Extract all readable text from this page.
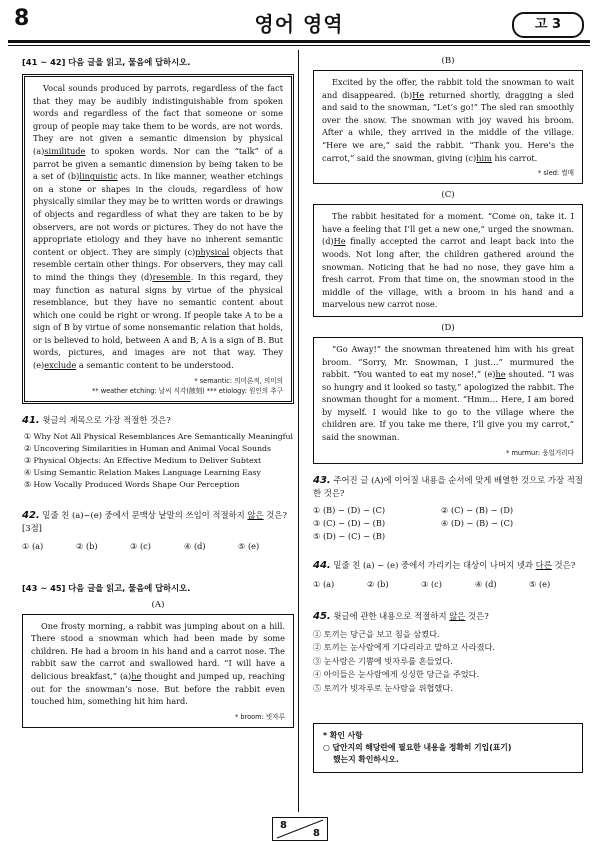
8	영어 영역	고 3
[41 ~ 42] 다음 글을 읽고, 물음에 답하시오.
Vocal sounds produced by parrots, regardless of the fact that they may be audibly indistinguishable from spoken words and regardless of the fact that someone or some group of people may take them to be words, are not words. They are not given a semantic dimension by physical (a)similitude to spoken words. Nor can the “talk” of a parrot be given a semantic dimension by being taken to be a set of (b)linguistic acts. In like manner, weather etchings on a stone or shapes in the clouds, regardless of how physically similar they may be to written words or drawings of objects and regardless of what they are taken to be by observers, are not words or pictures. They do not have the appropriate etiology and they have no inherent semantic content or object. They are simply (c)physical objects that resemble certain other things. For observers, they may call to mind the things they (d)resemble. In this regard, they may function as natural signs by virtue of the physical resemblance, but they have no semantic content about which one could be right or wrong. If people take A to be a sign of B by virtue of some nonsemantic relation that holds, or is believed to hold, between A and B, A is a sign of B. But words, pictures, and images are not that way. They (e)exclude a semantic content to be understood.
* semantic: 의미론적, 의미의
** weather etching: 날씨 식각(蝕刻) *** etiology: 원인의 추구
41. 윗글의 제목으로 가장 적절한 것은?
① Why Not All Physical Resemblances Are Semantically Meaningful
② Uncovering Similarities in Human and Animal Vocal Sounds
③ Physical Objects: An Effective Medium to Deliver Subtext
④ Using Semantic Relation Makes Language Learning Easy
⑤ How Vocally Produced Words Shape Our Perception
42. 밑줄 친 (a)~(e) 중에서 문맥상 낱말의 쓰임이 적절하지 않은 것은? [3점]
① (a)	② (b)	③ (c)	④ (d)	⑤ (e)
[43 ~ 45] 다음 글을 읽고, 물음에 답하시오.
(A)
One frosty morning, a rabbit was jumping about on a hill. There stood a snowman which had been made by some children. He had a broom in his hand and a carrot nose. The rabbit saw the carrot and swallowed hard. “I will have a delicious breakfast,” (a)he thought and jumped up, reaching out for the snowman’s nose. But before the rabbit even touched him, something hit him hard.
* broom: 빗자루
(B)
Excited by the offer, the rabbit told the snowman to wait and disappeared. (b)He returned shortly, dragging a sled and said to the snowman, “Let’s go!” The sled ran smoothly over the snow. The snowman with joy waved his broom. After a while, they arrived in the middle of the village. “Here we are,” said the rabbit. “Thank you. Here’s the carrot,” said the snowman, giving (c)him his carrot.
* sled: 썰매
(C)
The rabbit hesitated for a moment. “Come on, take it. I have a feeling that I’ll get a new one,” urged the snowman. (d)He finally accepted the carrot and leapt back into the woods. Not long after, the children gathered around the snowman. Noticing that he had no nose, they gave him a fresh carrot. From that time on, the snowman stood in the middle of the village, with a broom in his hand and a marvelous new carrot nose.
(D)
“Go Away!” the snowman threatened him with his great broom. “Sorry, Mr. Snowman, I just…” murmured the rabbit. “You wanted to eat my nose!,” (e)he shouted. “I was so hungry and it looked so tasty,” apologized the rabbit. The snowman thought for a moment. “Hmm… Here, I am bored by myself. I would like to go to the village where the children are. If you take me there, I’ll give you my carrot,” said the snowman.
* murmur: 웅얼거리다
43. 주어진 글 (A)에 이어질 내용을 순서에 맞게 배열한 것으로 가장 적절한 것은?
① (B) − (D) − (C)	② (C) − (B) − (D)
③ (C) − (D) − (B)	④ (D) − (B) − (C)
⑤ (D) − (C) − (B)
44. 밑줄 친 (a) ~ (e) 중에서 가리키는 대상이 나머지 넷과 다른 것은?
① (a)	② (b)	③ (c)	④ (d)	⑤ (e)
45. 윗글에 관한 내용으로 적절하지 않은 것은?
① 토끼는 당근을 보고 침을 삼켰다.
② 토끼는 눈사람에게 기다리라고 말하고 사라졌다.
③ 눈사람은 기쁨에 빗자루를 흔들었다.
④ 아이들은 눈사람에게 싱싱한 당근을 주었다.
⑤ 토끼가 빗자루로 눈사람을 위협했다.
* 확인 사항
○ 답안지의 해당란에 필요한 내용을 정확히 기입(표기)
했는지 확인하시오.
8
8
